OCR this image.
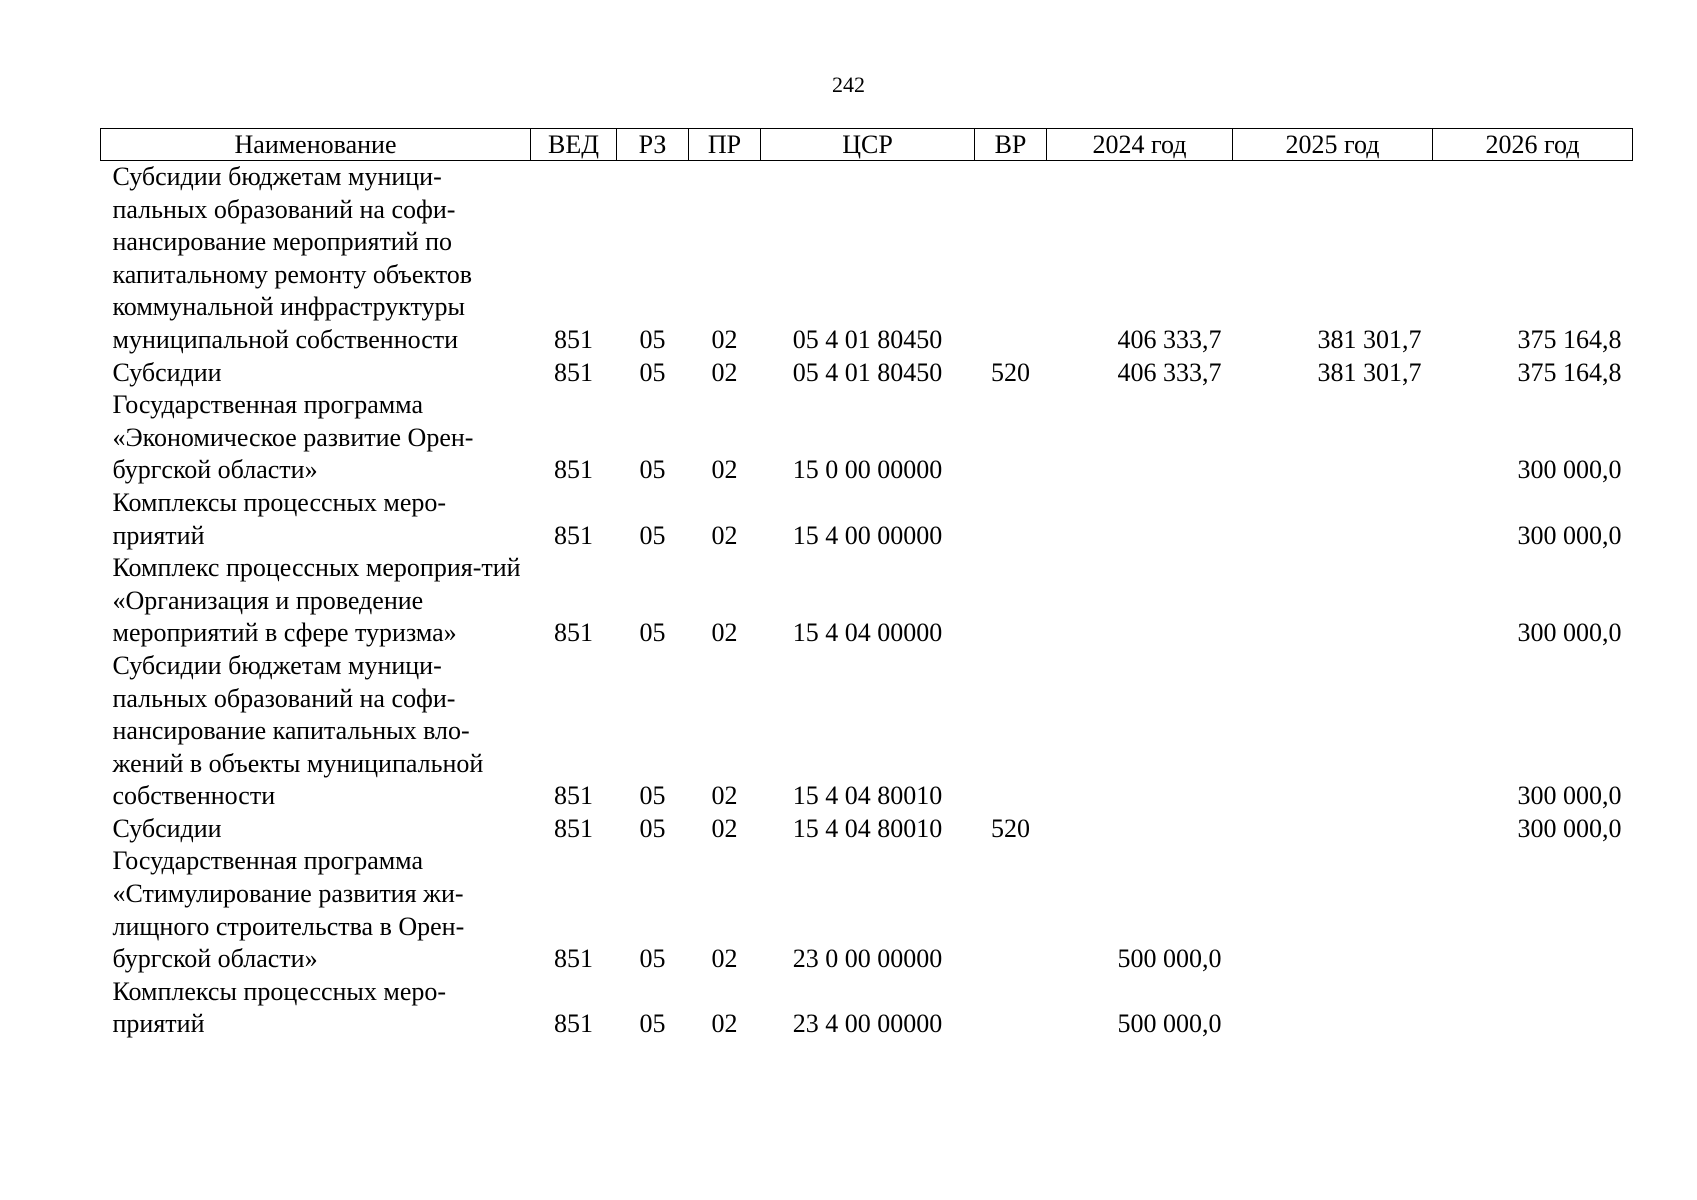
242
Наименование	ВЕД	РЗ	ПР	ЦСР	ВР	2024 год	2025 год	2026 год
Субсидии бюджетам муници-пальных образований на софи-нансирование мероприятий по капитальному ремонту объектов коммунальной инфраструктуры муниципальной собственности	851	05	02	05 4 01 80450		406 333,7	381 301,7	375 164,8
Субсидии	851	05	02	05 4 01 80450	520	406 333,7	381 301,7	375 164,8
Государственная программа «Экономическое развитие Орен-бургской области»	851	05	02	15 0 00 00000				300 000,0
Комплексы процессных меро-приятий	851	05	02	15 4 00 00000				300 000,0
Комплекс процессных мероприя-тий «Организация и проведение мероприятий в сфере туризма»	851	05	02	15 4 04 00000				300 000,0
Субсидии бюджетам муници-пальных образований на софи-нансирование капитальных вло-жений в объекты муниципальной собственности	851	05	02	15 4 04 80010				300 000,0
Субсидии	851	05	02	15 4 04 80010	520			300 000,0
Государственная программа «Стимулирование развития жи-лищного строительства в Орен-бургской области»	851	05	02	23 0 00 00000		500 000,0		
Комплексы процессных меро-приятий	851	05	02	23 4 00 00000		500 000,0		
